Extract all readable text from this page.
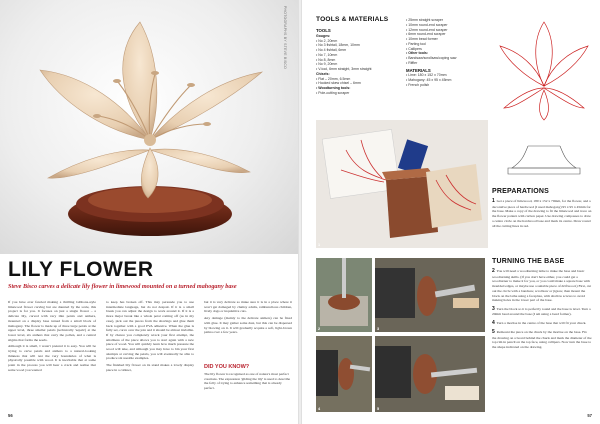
PHOTOGRAPHS BY STEVE BISCO
LILY FLOWER
Steve Bisco carves a delicate lily flower in limewood mounted on a turned mahogany base

If you have ever fancied making a thrilling Gibbons-style limewood flower carving but are daunted by the scale, this project is for you. It focuses on just a single flower – a delicate lily, carved with very thin petals and anthers, mounted on a display base turned from a small block of mahogany. The flower is made up of three large petals at the upper level, three smaller petals (technically 'sepals') at the lower level, six anthers that carry the pollen, and a central stigma that forms the seeds.

Although it is small, I wasn't pretend it is easy. You will be trying to carve petals and anthers to a natural-looking thinness that will test the very boundaries of what is physically possible with wood. It is inevitable that at some point in the process you will hear a crack and realise that some wood you wanted

to keep has broken off. This may persuade you to use intermediate language, but do not despair. If it is a small break you can adjust the design to work around it. If it is a more major break like a whole petal coming off (as in my case), pick out the pieces from the shavings and glue them back together with a good PVA adhesive. When the glue is fully set, carve over the join and it should be almost invisible. If by chance you completely wreck your first attempt, the smallness of the piece allows you to start again with a new piece of wood. You will quickly learn how much pressure the wood will take, and although you may have to bin your first attempts at carving the petals, you will eventually be able to produce six useable examples.

The finished lily flower on its stand makes a lovely display piece in a cabinet,

but it is very delicate so make sure it is in a place where it won't get damaged by clumsy adults, rambunctious children, lively dogs or inquisitive cats.

Any damage (mainly to the delicate anthers) can be fixed with glue. It may gather some dust, but this can be dispersed by blowing on it. It will gradually acquire a soft, light-brown patina over a few years.

DID YOU KNOW?
The lily flower is recognised as one of nature's most perfect creations. The expression 'gilding the lily' is used to describe the folly of trying to enhance something that is already perfect.
56
TOOLS & MATERIALS
TOOLS
Gouges:
• No 2, 20mm
• No 3 fishtail, 18mm, 10mm
• No 4 fishtail, 6mm
• No 7, 10mm
• No 8, 8mm
• No 9, 20mm
• V-tool, 6mm straight, 3mm straight
Chisels:
• Flat – 20mm, 6.5mm
• Hooked skew chisel – 6mm
• Woodturning tools:
• Pole-cutting scraper
• 25mm straight scraper
• 10mm round-end scraper
• 12mm round-end scraper
• 6mm round-end scraper
• 10mm bead former
• Parting tool
• Callipers
• Other tools:
• Bandsaw/scrollsaw/coping saw
• Riffler
MATERIALS
• Lime: 180 x 152 x 70mm
• Mahogany: 45 x 95 x 45mm
• French polish
1
2	3
4	5
PREPARATIONS

1 Get a piece of limewood, 180 x 152 x 70mm, for the flower, and a decorative piece of hardwood (I used mahogany) 95 x 95 x 45mm for the base. Make a copy of the drawing to fit the limewood and trace on the flower pattern with carbon paper. Use drawing compasses to draw a centre circle on the hardwood base and mark its centre. Draw round all the cutting lines in red.

TURNING THE BASE

2 You will need a woodturning lathe to make the base and basic woodturning skills. (If you don't have either, you could get a woodturner to make it for you, or you could make a square base with moulded edges, or maybe use a suitable piece of driftwood.) First, cut out the circle with a bandsaw, scrollsaw or jigsaw, then mount the block on the lathe using a faceplate, with shallow screws to avoid making holes in the lower part of the base.

3 Turn the block so it is perfectly round and the base is level. Turn a 20mm bead around the base (I am using a bead former).

4 Turn a mortise in the centre of the base that will fit your chuck.

5 Remount the piece on the chuck by the mortise on the base. Fix the drawing on a board behind the chuck and mark the diameter of the top rim in pencil on the top face, using callipers. Now turn the base to the shape indicated on the drawing.

57
